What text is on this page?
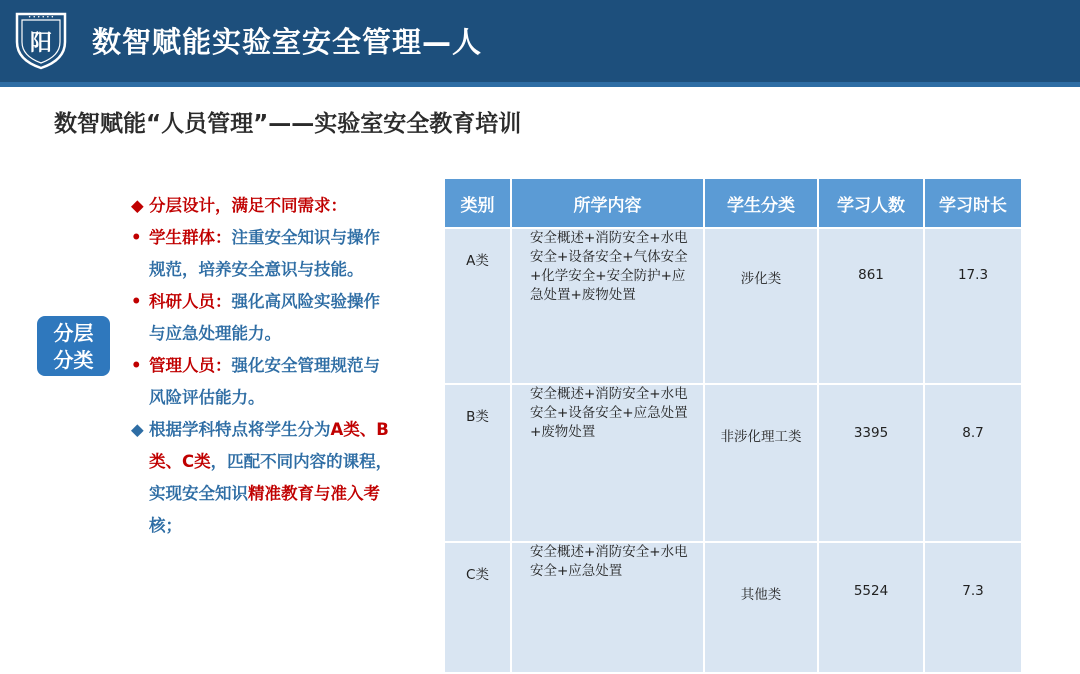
• • • • • •
阳 数智赋能实验室安全管理—人
数智赋能“人员管理”——实验室安全教育培训
分层
分类

◆ 分层设计，满足不同需求：

• 学生群体：注重安全知识与操作

规范，培养安全意识与技能。

• 科研人员：强化高风险实验操作

与应急处理能力。

• 管理人员：强化安全管理规范与

风险评估能力。

◆ 根据学科特点将学生分为A类、B

类、C类，匹配不同内容的课程，

实现安全知识精准教育与准入考

核；

类别	所学内容	学生分类	学习人数	学习时长
A类	安全概述+消防安全+水电安全+设备安全+气体安全+化学安全+安全防护+应急处置+废物处置	涉化类	861	17.3
B类	安全概述+消防安全+水电安全+设备安全+应急处置+废物处置	非涉化理工类	3395	8.7
C类	安全概述+消防安全+水电安全+应急处置	其他类	5524	7.3
